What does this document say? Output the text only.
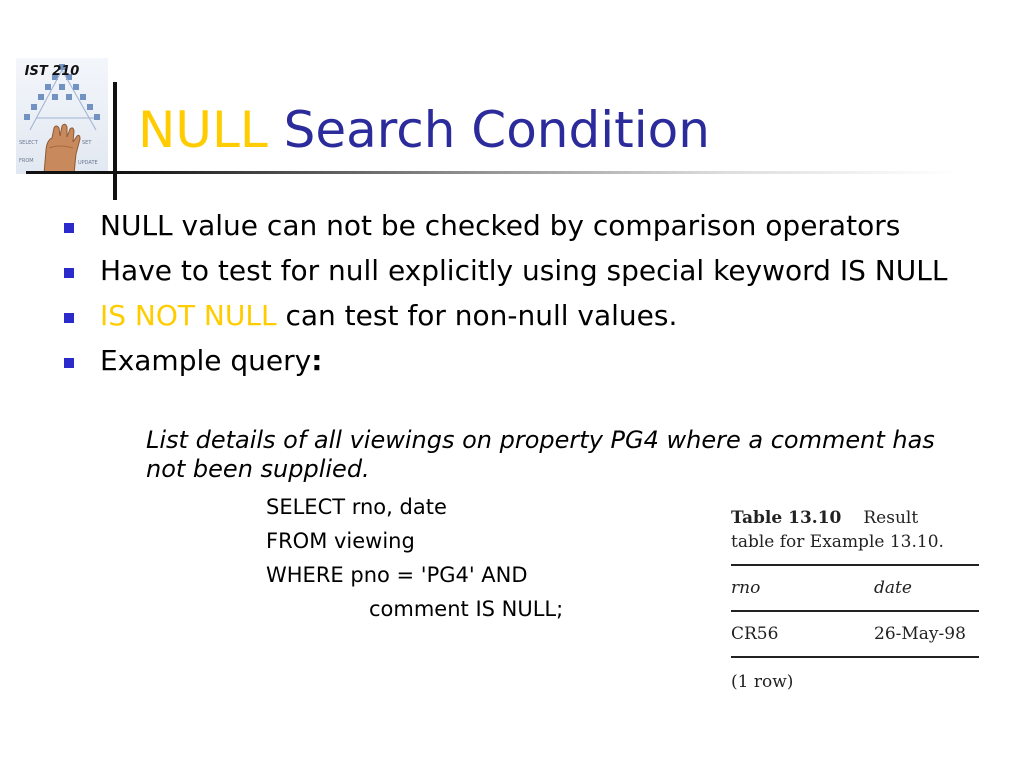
SELECT	SET
FROM	UPDATE
IST 210
NULL Search Condition
NULL value can not be checked by comparison operators
Have to test for null explicitly using special keyword IS NULL
IS NOT NULL can test for non-null values.
Example query:

List details of all viewings on property PG4 where a comment has not been supplied.

SELECT rno, date

FROM viewing

WHERE pno = 'PG4' AND

comment IS NULL;

Table 13.10 Result

table for Example 13.10.

rno	date
CR56	26-May-98
(1 row)
